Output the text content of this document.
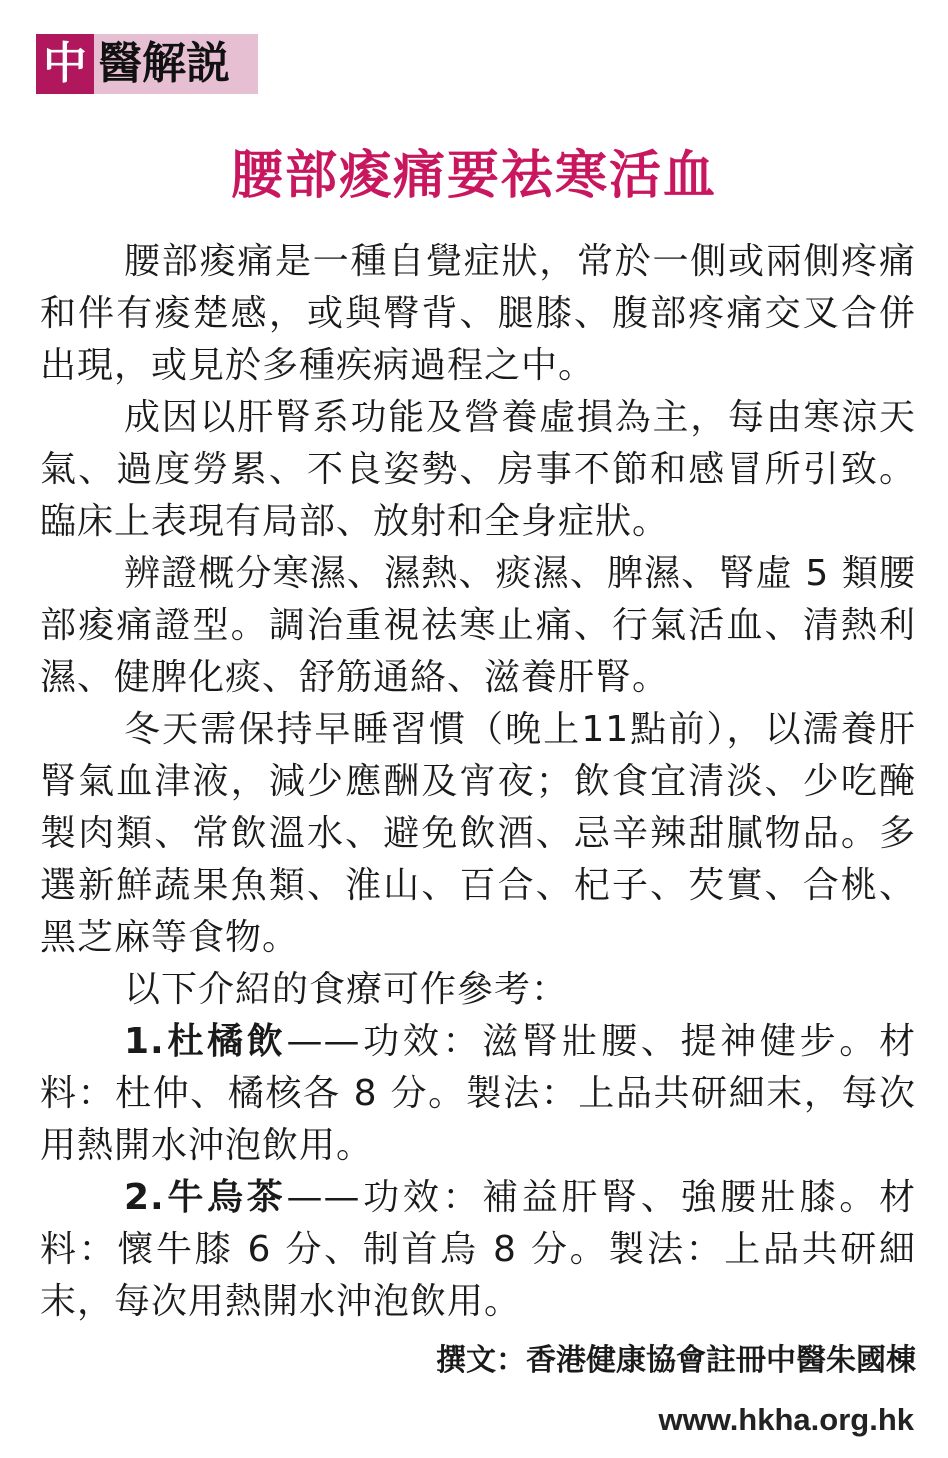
中 醫解説
腰部痠痛要祛寒活血

腰部痠痛是一種自覺症狀，常於一側或兩側疼痛和伴有痠楚感，或與臀背、腿膝、腹部疼痛交叉合併出現，或見於多種疾病過程之中。

成因以肝腎系功能及營養虛損為主，每由寒涼天氣、過度勞累、不良姿勢、房事不節和感冒所引致。臨床上表現有局部、放射和全身症狀。

辨證概分寒濕、濕熱、痰濕、脾濕、腎虛 5 類腰部痠痛證型。調治重視祛寒止痛、行氣活血、清熱利濕、健脾化痰、舒筋通絡、滋養肝腎。

冬天需保持早睡習慣（晚上11點前），以濡養肝腎氣血津液，減少應酬及宵夜；飲食宜清淡、少吃醃製肉類、常飲溫水、避免飲酒、忌辛辣甜膩物品。多選新鮮蔬果魚類、淮山、百合、杞子、芡實、合桃、黑芝麻等食物。

以下介紹的食療可作參考：

1.杜橘飲——功效：滋腎壯腰、提神健步。材料：杜仲、橘核各 8 分。製法：上品共研細末，每次用熱開水沖泡飲用。

2.牛烏茶——功效：補益肝腎、強腰壯膝。材料：懷牛膝 6 分、制首烏 8 分。製法：上品共研細末，每次用熱開水沖泡飲用。

撰文：香港健康協會註冊中醫朱國棟
www.hkha.org.hk
